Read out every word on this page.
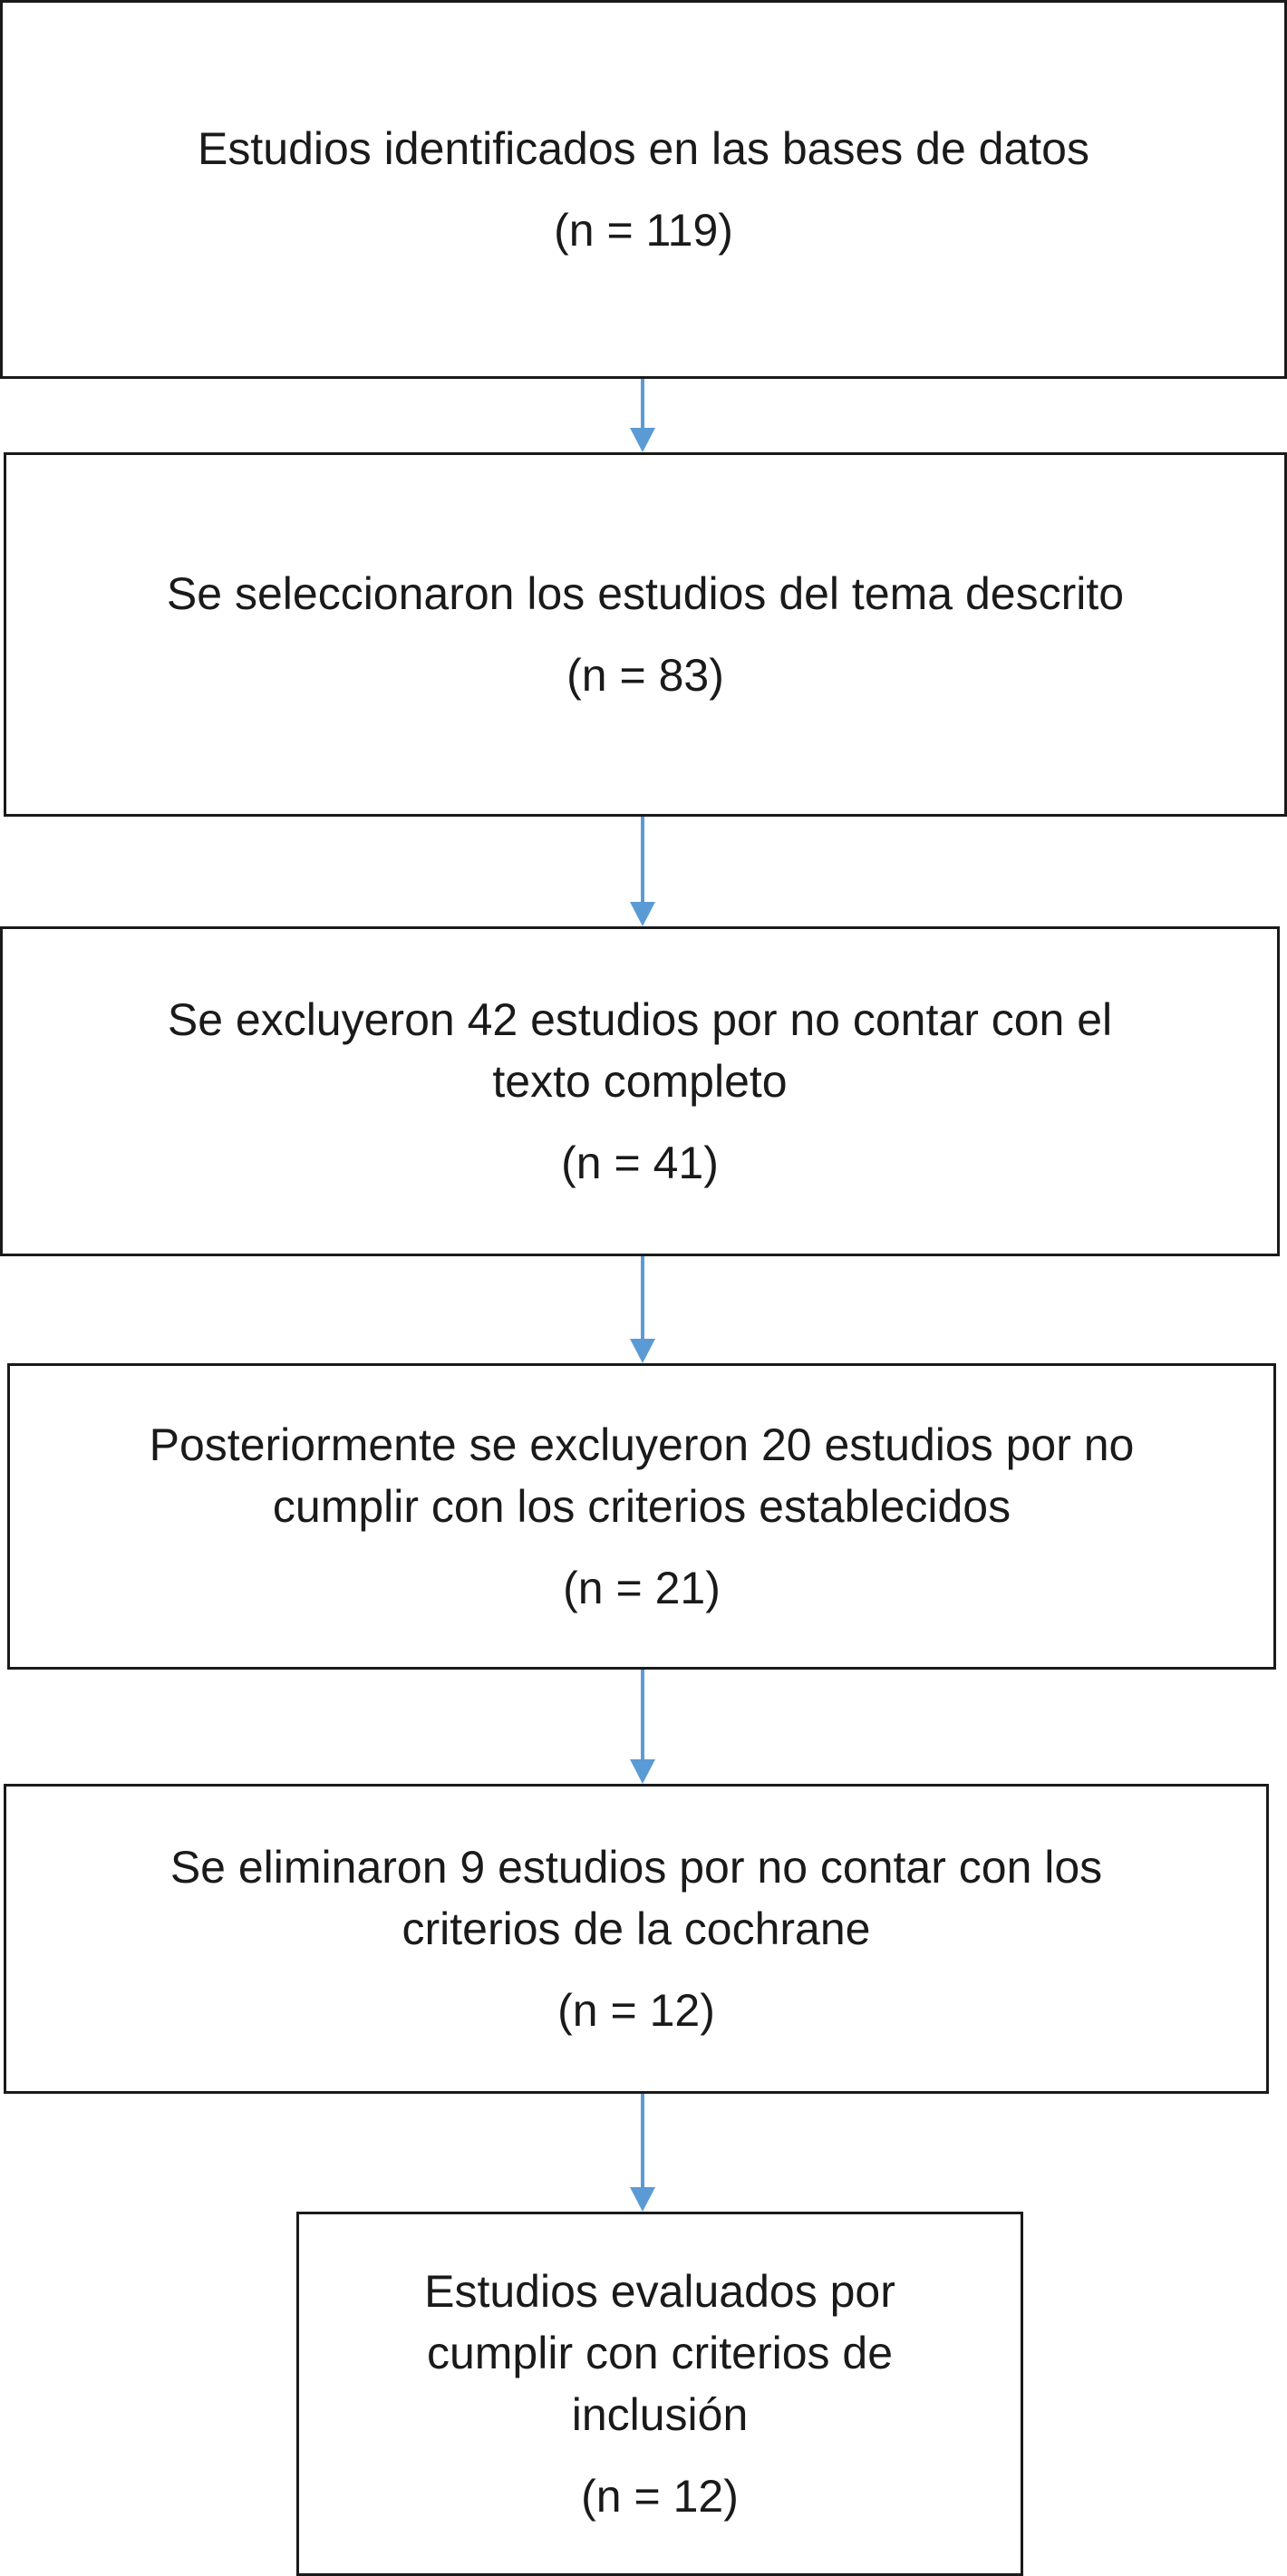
Estudios identificados en las bases de datos
(n = 119)
Se seleccionaron los estudios del tema descrito
(n = 83)
Se excluyeron 42 estudios por no contar con el
texto completo
(n = 41)
Posteriormente se excluyeron 20 estudios por no
cumplir con los criterios establecidos
(n = 21)
Se eliminaron 9 estudios por no contar con los
criterios de la cochrane
(n = 12)
Estudios evaluados por
cumplir con criterios de
inclusión
(n = 12)
